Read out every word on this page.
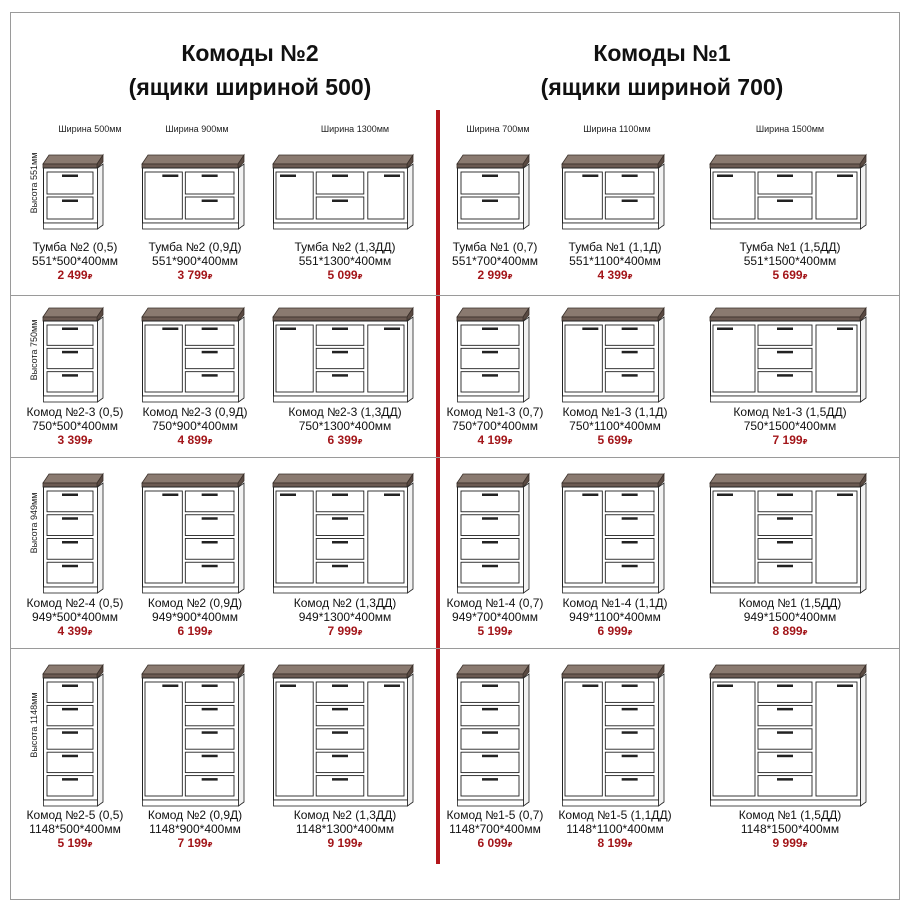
Комоды №2
(ящики шириной 500)
Комоды №1
(ящики шириной 700)
Ширина 500мм	Ширина 900мм	Ширина 1300мм	Ширина 700мм	Ширина 1100мм	Ширина 1500мм
Высота 551мм
Высота 750мм
Высота 949мм
Высота 1148мм
Тумба №2 (0,5)
551*500*400мм
2 499₽
Тумба №2 (0,9Д)
551*900*400мм
3 799₽
Тумба №2 (1,3ДД)
551*1300*400мм
5 099₽
Тумба №1 (0,7)
551*700*400мм
2 999₽
Тумба №1 (1,1Д)
551*1100*400мм
4 399₽
Тумба №1 (1,5ДД)
551*1500*400мм
5 699₽
Комод №2-3 (0,5)
750*500*400мм
3 399₽
Комод №2-3 (0,9Д)
750*900*400мм
4 899₽
Комод №2-3 (1,3ДД)
750*1300*400мм
6 399₽
Комод №1-3 (0,7)
750*700*400мм
4 199₽
Комод №1-3 (1,1Д)
750*1100*400мм
5 699₽
Комод №1-3 (1,5ДД)
750*1500*400мм
7 199₽
Комод №2-4 (0,5)
949*500*400мм
4 399₽
Комод №2 (0,9Д)
949*900*400мм
6 199₽
Комод №2 (1,3ДД)
949*1300*400мм
7 999₽
Комод №1-4 (0,7)
949*700*400мм
5 199₽
Комод №1-4 (1,1Д)
949*1100*400мм
6 999₽
Комод №1 (1,5ДД)
949*1500*400мм
8 899₽
Комод №2-5 (0,5)
1148*500*400мм
5 199₽
Комод №2 (0,9Д)
1148*900*400мм
7 199₽
Комод №2 (1,3ДД)
1148*1300*400мм
9 199₽
Комод №1-5 (0,7)
1148*700*400мм
6 099₽
Комод №1-5 (1,1ДД)
1148*1100*400мм
8 199₽
Комод №1 (1,5ДД)
1148*1500*400мм
9 999₽
